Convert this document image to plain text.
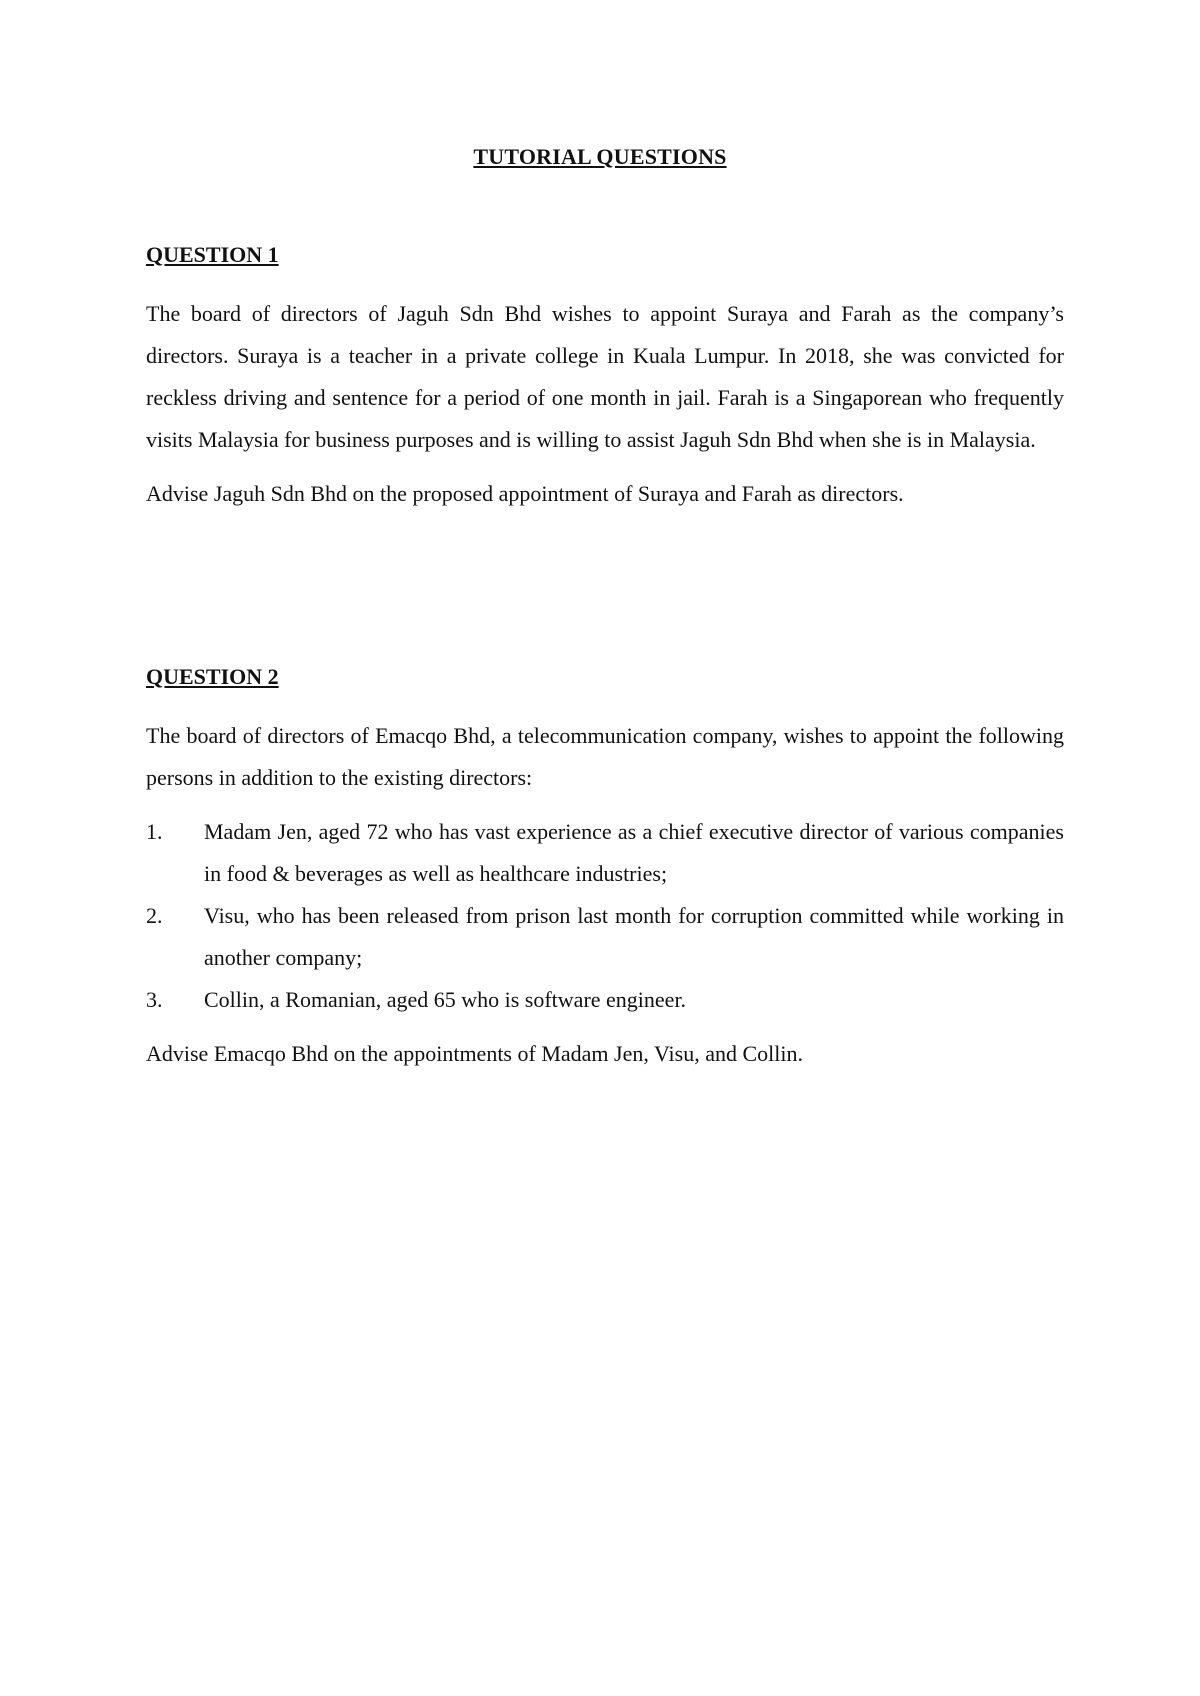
TUTORIAL QUESTIONS

QUESTION 1

The board of directors of Jaguh Sdn Bhd wishes to appoint Suraya and Farah as the company’s directors. Suraya is a teacher in a private college in Kuala Lumpur. In 2018, she was convicted for reckless driving and sentence for a period of one month in jail. Farah is a Singaporean who frequently visits Malaysia for business purposes and is willing to assist Jaguh Sdn Bhd when she is in Malaysia.

Advise Jaguh Sdn Bhd on the proposed appointment of Suraya and Farah as directors.

QUESTION 2

The board of directors of Emacqo Bhd, a telecommunication company, wishes to appoint the following persons in addition to the existing directors:

1. Madam Jen, aged 72 who has vast experience as a chief executive director of various companies in food & beverages as well as healthcare industries;
2. Visu, who has been released from prison last month for corruption committed while working in another company;
3. Collin, a Romanian, aged 65 who is software engineer.

Advise Emacqo Bhd on the appointments of Madam Jen, Visu, and Collin.
